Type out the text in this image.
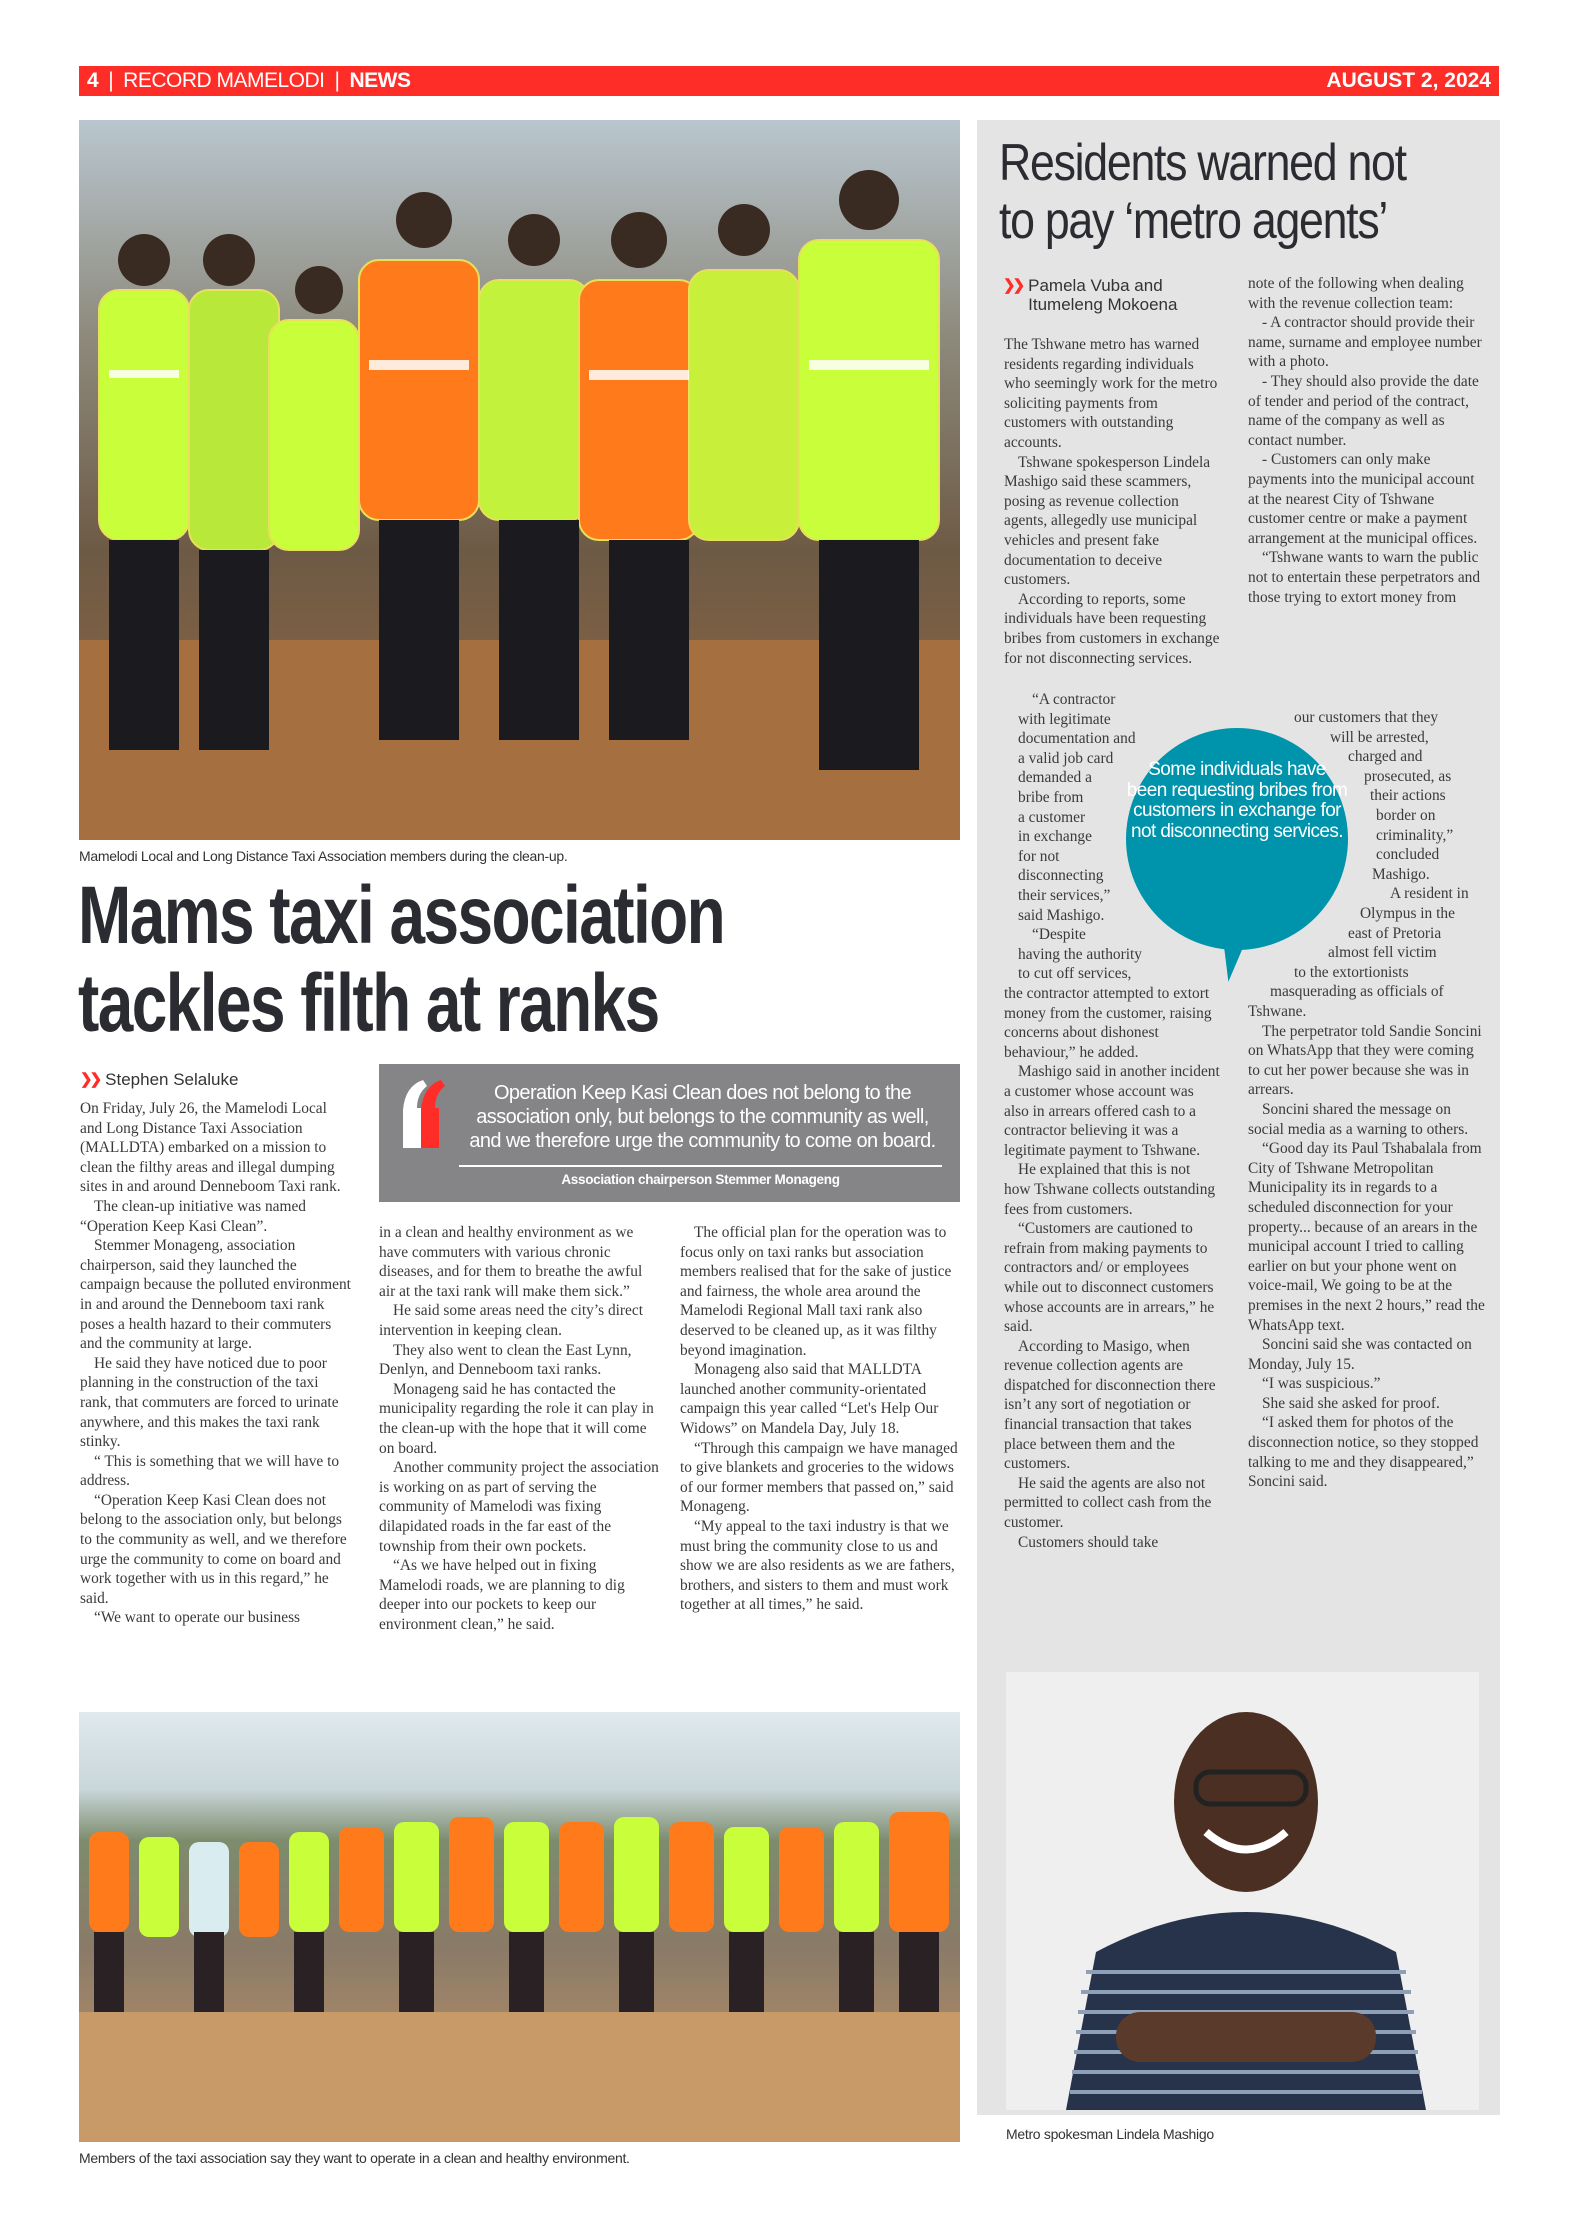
4 | RECORD MAMELODI | NEWS	AUGUST 2, 2024
Mamelodi Local and Long Distance Taxi Association members during the clean-up.
Mams taxi association
tackles filth at ranks
❯❯ Stephen Selaluke
Operation Keep Kasi Clean does not belong to the association only, but belongs to the community as well, and we therefore urge the community to come on board.
Association chairperson Stemmer Monageng

On Friday, July 26, the Mamelodi Local and Long Distance Taxi Association (MALLDTA) embarked on a mission to clean the filthy areas and illegal dumping sites in and around Denneboom Taxi rank.

The clean-up initiative was named “Operation Keep Kasi Clean”.

Stemmer Monageng, association chairperson, said they launched the campaign because the polluted environment in and around the Denneboom taxi rank poses a health hazard to their commuters and the community at large.

He said they have noticed due to poor planning in the construction of the taxi rank, that commuters are forced to urinate anywhere, and this makes the taxi rank stinky.

“ This is something that we will have to address.

“Operation Keep Kasi Clean does not belong to the association only, but belongs to the community as well, and we therefore urge the community to come on board and work together with us in this regard,” he said.

“We want to operate our business

in a clean and healthy environment as we have commuters with various chronic diseases, and for them to breathe the awful air at the taxi rank will make them sick.”

He said some areas need the city’s direct intervention in keeping clean.

They also went to clean the East Lynn, Denlyn, and Denneboom taxi ranks.

Monageng said he has contacted the municipality regarding the role it can play in the clean-up with the hope that it will come on board.

Another community project the association is working on as part of serving the community of Mamelodi was fixing dilapidated roads in the far east of the township from their own pockets.

“As we have helped out in fixing Mamelodi roads, we are planning to dig deeper into our pockets to keep our environment clean,” he said.

The official plan for the operation was to focus only on taxi ranks but association members realised that for the sake of justice and fairness, the whole area around the Mamelodi Regional Mall taxi rank also deserved to be cleaned up, as it was filthy beyond imagination.

Monageng also said that MALLDTA launched another community-orientated campaign this year called “Let's Help Our Widows” on Mandela Day, July 18.

“Through this campaign we have managed to give blankets and groceries to the widows of our former members that passed on,” said Monageng.

“My appeal to the taxi industry is that we must bring the community close to us and show we are also residents as we are fathers, brothers, and sisters to them and must work together at all times,” he said.

Members of the taxi association say they want to operate in a clean and healthy environment.
Residents warned not
to pay ‘metro agents’
❯❯ Pamela Vuba and
Itumeleng Mokoena

The Tshwane metro has warned residents regarding individuals who seemingly work for the metro soliciting payments from customers with outstanding accounts.

Tshwane spokesperson Lindela Mashigo said these scammers, posing as revenue collection agents, allegedly use municipal vehicles and present fake documentation to deceive customers.

According to reports, some individuals have been requesting bribes from customers in exchange for not disconnecting services.

“A contractor

with legitimate

documentation and

a valid job card

demanded a

bribe from

a customer

in exchange

for not

disconnecting

their services,”

said Mashigo.

“Despite

having the authority

to cut off services,

the contractor attempted to extort money from the customer, raising concerns about dishonest behaviour,” he added.

Mashigo said in another incident a customer whose account was also in arrears offered cash to a contractor believing it was a legitimate payment to Tshwane.

He explained that this is not how Tshwane collects outstanding fees from customers.

“Customers are cautioned to refrain from making payments to contractors and/ or employees while out to disconnect customers whose accounts are in arrears,” he said.

According to Masigo, when revenue collection agents are dispatched for disconnection there isn’t any sort of negotiation or financial transaction that takes place between them and the customers.

He said the agents are also not permitted to collect cash from the customer.

Customers should take

note of the following when dealing with the revenue collection team:

- A contractor should provide their name, surname and employee number with a photo.

- They should also provide the date of tender and period of the contract, name of the company as well as contact number.

- Customers can only make payments into the municipal account at the nearest City of Tshwane customer centre or make a payment arrangement at the municipal offices.

“Tshwane wants to warn the public not to entertain these perpetrators and those trying to extort money from

our customers that they

will be arrested,

charged and

prosecuted, as

their actions

border on

criminality,”

concluded

Mashigo.

A resident in

Olympus in the

east of Pretoria

almost fell victim

to the extortionists

masquerading as officials of

Tshwane.

The perpetrator told Sandie Soncini on WhatsApp that they were coming to cut her power because she was in arrears.

Soncini shared the message on social media as a warning to others.

“Good day its Paul Tshabalala from City of Tshwane Metropolitan Municipality its in regards to a scheduled disconnection for your property... because of an arears in the municipal account I tried to calling earlier on but your phone went on voice-mail, We going to be at the premises in the next 2 hours,” read the WhatsApp text.

Soncini said she was contacted on Monday, July 15.

“I was suspicious.”

She said she asked for proof.

“I asked them for photos of the disconnection notice, so they stopped talking to me and they disappeared,” Soncini said.

Some individuals have been requesting bribes from customers in exchange for not disconnecting services.
Metro spokesman Lindela Mashigo
